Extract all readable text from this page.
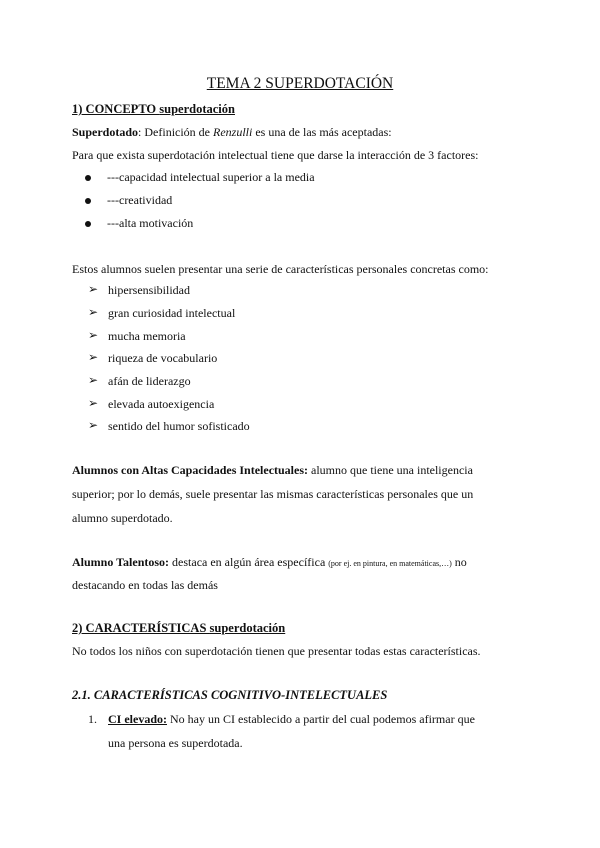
TEMA 2 SUPERDOTACIÓN
1) CONCEPTO superdotación
Superdotado: Definición de Renzulli es una de las más aceptadas:
Para que exista superdotación intelectual tiene que darse la interacción de 3 factores:
---capacidad intelectual superior a la media
---creatividad
---alta motivación
Estos alumnos suelen presentar una serie de características personales concretas como:
➢ hipersensibilidad
➢ gran curiosidad intelectual
➢ mucha memoria
➢ riqueza de vocabulario
➢ afán de liderazgo
➢ elevada autoexigencia
➢ sentido del humor sofisticado
Alumnos con Altas Capacidades Intelectuales: alumno que tiene una inteligencia
superior; por lo demás, suele presentar las mismas características personales que un
alumno superdotado.
Alumno Talentoso: destaca en algún área específica (por ej. en pintura, en matemáticas,…) no
destacando en todas las demás
2) CARACTERÍSTICAS superdotación
No todos los niños con superdotación tienen que presentar todas estas características.
2.1. CARACTERÍSTICAS COGNITIVO-INTELECTUALES
1. CI elevado: No hay un CI establecido a partir del cual podemos afirmar que
una persona es superdotada.
